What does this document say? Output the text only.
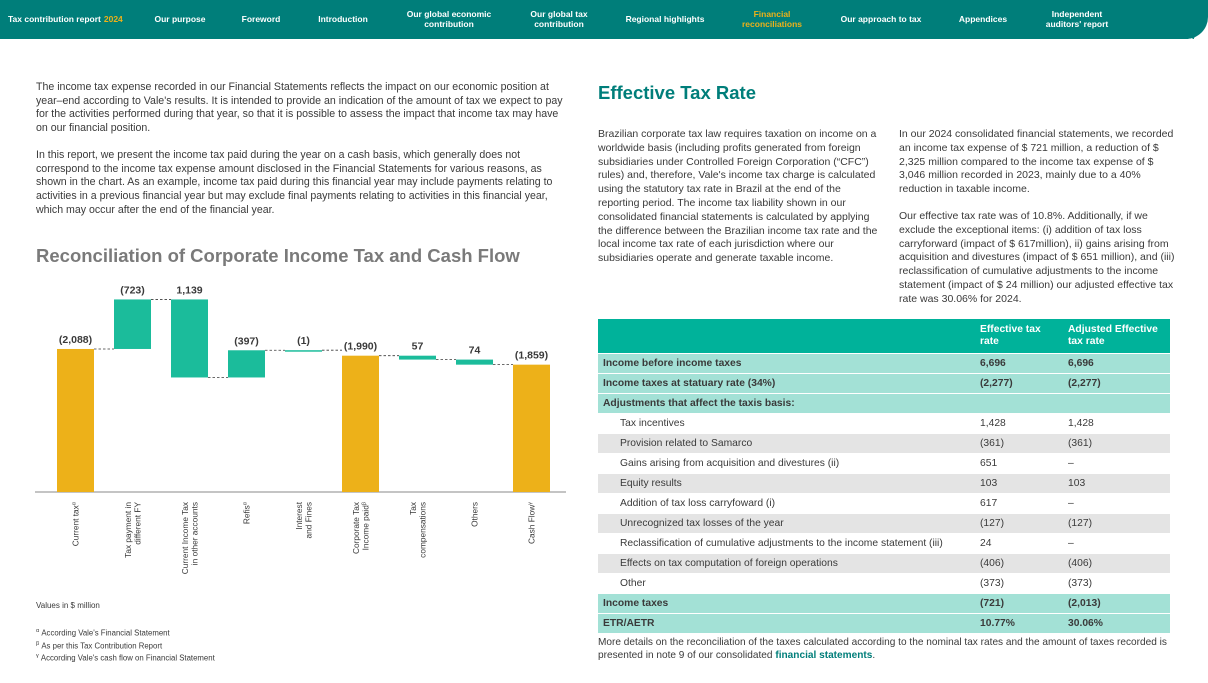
Tax contribution report 2024	Our purpose	Foreword	Introduction	Our global economic contribution
Our global tax contribution	Regional highlights	Financial reconciliations	Our approach to tax	Appendices	Independent auditors' report
24

The income tax expense recorded in our Financial Statements reflects the impact on our economic position at year–end according to Vale's results. It is intended to provide an indication of the amount of tax we expect to pay for the activities performed during that year, so that it is possible to assess the impact that income tax may have on our financial position.

In this report, we present the income tax paid during the year on a cash basis, which generally does not correspond to the income tax expense amount disclosed in the Financial Statements for various reasons, as shown in the chart. As an example, income tax paid during this financial year may include payments relating to activities in a previous financial year but may exclude final payments relating to activities in this financial year, which may occur after the end of the financial year.

Reconciliation of Corporate Income Tax and Cash Flow
(2,088)
Current tax$^\alpha$
(723)
Tax payment indifferent FY
1,139
Current Income Taxin other accounts
(397)
Refis$^\alpha$
(1)
Interestand Fines
(1,990)
Corporate TaxIncome paid$^\beta$
57
Taxcompensations
74
Others
(1,859)
Cash Flow$^\gamma$
Values in $ million
$^\alpha$ According Vale's Financial Statement
$^\beta$ As per this Tax Contribution Report
$^\gamma$ According Vale's cash flow on Financial Statement
Effective Tax Rate
Brazilian corporate tax law requires taxation on income on a worldwide basis (including profits generated from foreign subsidiaries under Controlled Foreign Corporation (“CFC”) rules) and, therefore, Vale's income tax charge is calculated using the statutory tax rate in Brazil at the end of the reporting period. The income tax liability shown in our consolidated financial statements is calculated by applying the difference between the Brazilian income tax rate and the local income tax rate of each jurisdiction where our subsidiaries operate and generate taxable income.

In our 2024 consolidated financial statements, we recorded an income tax expense of $ 721 million, a reduction of $ 2,325 million compared to the income tax expense of $ 3,046 million recorded in 2023, mainly due to a 40% reduction in taxable income.

Our effective tax rate was of 10.8%. Additionally, if we exclude the exceptional items: (i) addition of tax loss carryforward (impact of $ 617million), ii) gains arising from acquisition and divestures (impact of $ 651 million), and (iii) reclassification of cumulative adjustments to the income statement (impact of $ 24 million) our adjusted effective tax rate was 30.06% for 2024.

	Effective tax rate	Adjusted Effective tax rate
Income before income taxes	6,696	6,696
Income taxes at statuary rate (34%)	(2,277)	(2,277)
Adjustments that affect the taxis basis:		
Tax incentives	1,428	1,428
Provision related to Samarco	(361)	(361)
Gains arising from acquisition and divestures (ii)	651	–
Equity results	103	103
Addition of tax loss carryfoward (i)	617	–
Unrecognized tax losses of the year	(127)	(127)
Reclassification of cumulative adjustments to the income statement (iii)	24	–
Effects on tax computation of foreign operations	(406)	(406)
Other	(373)	(373)
Income taxes	(721)	(2,013)
ETR/AETR	10.77%	30.06%
More details on the reconciliation of the taxes calculated according to the nominal tax rates and the amount of taxes recorded is presented in note 9 of our consolidated financial statements.
